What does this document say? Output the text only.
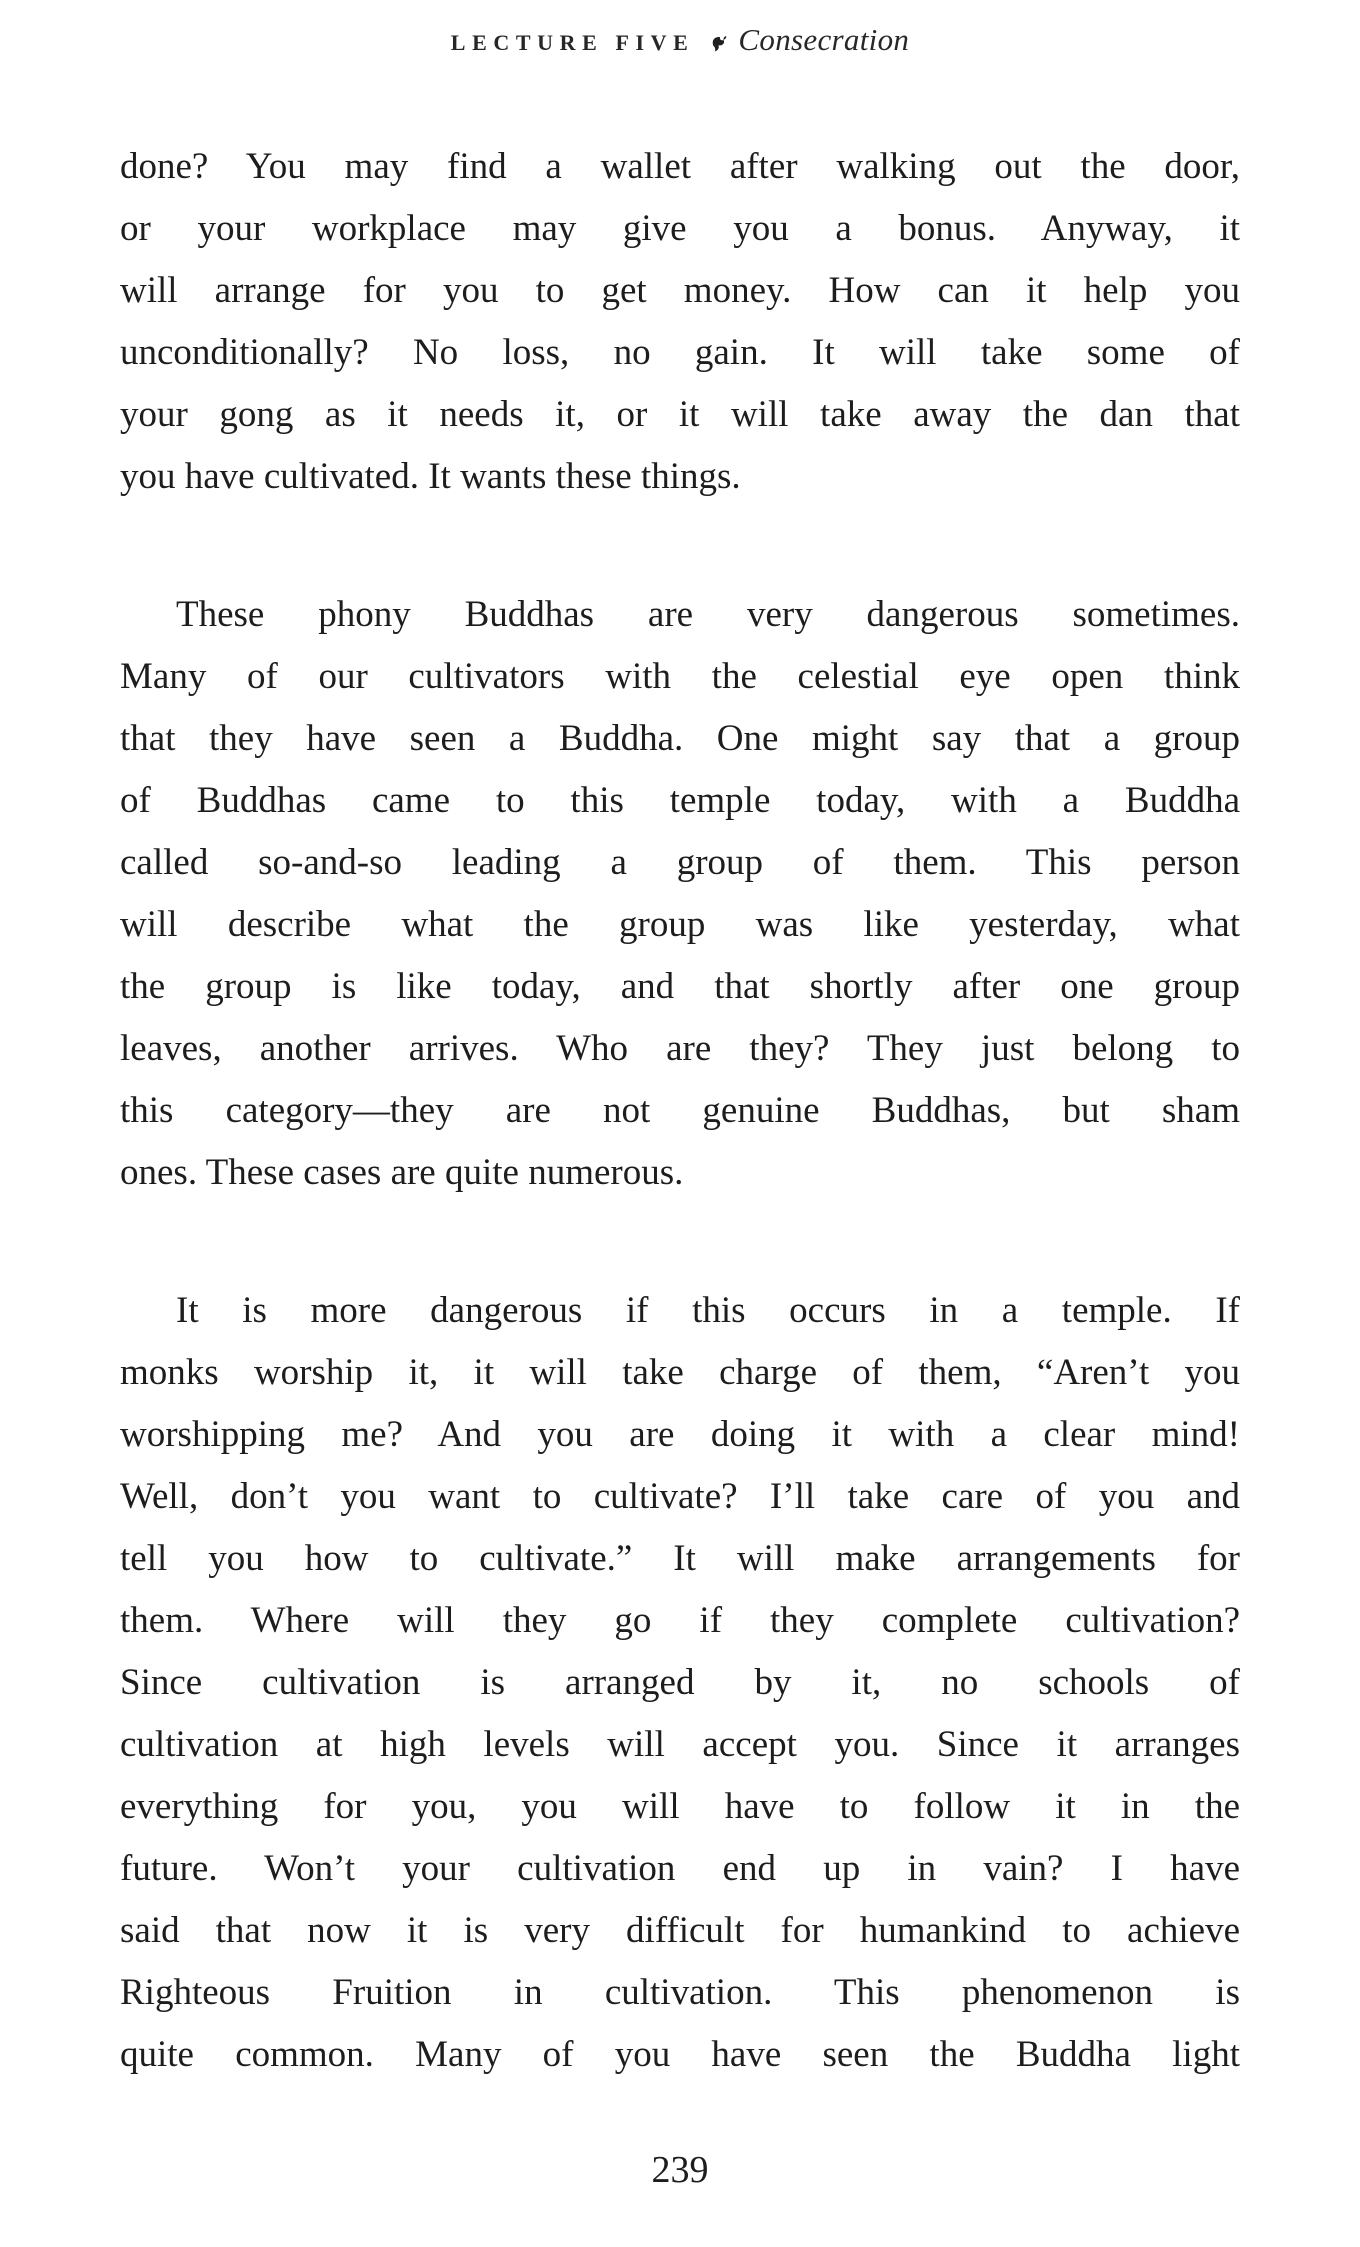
LECTURE FIVE Consecration
done? You may find a wallet after walking out the door,
or your workplace may give you a bonus. Anyway, it
will arrange for you to get money. How can it help you
unconditionally? No loss, no gain. It will take some of
your gong as it needs it, or it will take away the dan that
you have cultivated. It wants these things.
These phony Buddhas are very dangerous sometimes.
Many of our cultivators with the celestial eye open think
that they have seen a Buddha. One might say that a group
of Buddhas came to this temple today, with a Buddha
called so-and-so leading a group of them. This person
will describe what the group was like yesterday, what
the group is like today, and that shortly after one group
leaves, another arrives. Who are they? They just belong to
this category—they are not genuine Buddhas, but sham
ones. These cases are quite numerous.
It is more dangerous if this occurs in a temple. If
monks worship it, it will take charge of them, “Aren’t you
worshipping me? And you are doing it with a clear mind!
Well, don’t you want to cultivate? I’ll take care of you and
tell you how to cultivate.” It will make arrangements for
them. Where will they go if they complete cultivation?
Since cultivation is arranged by it, no schools of
cultivation at high levels will accept you. Since it arranges
everything for you, you will have to follow it in the
future. Won’t your cultivation end up in vain? I have
said that now it is very difficult for humankind to achieve
Righteous Fruition in cultivation. This phenomenon is
quite common. Many of you have seen the Buddha light
239
